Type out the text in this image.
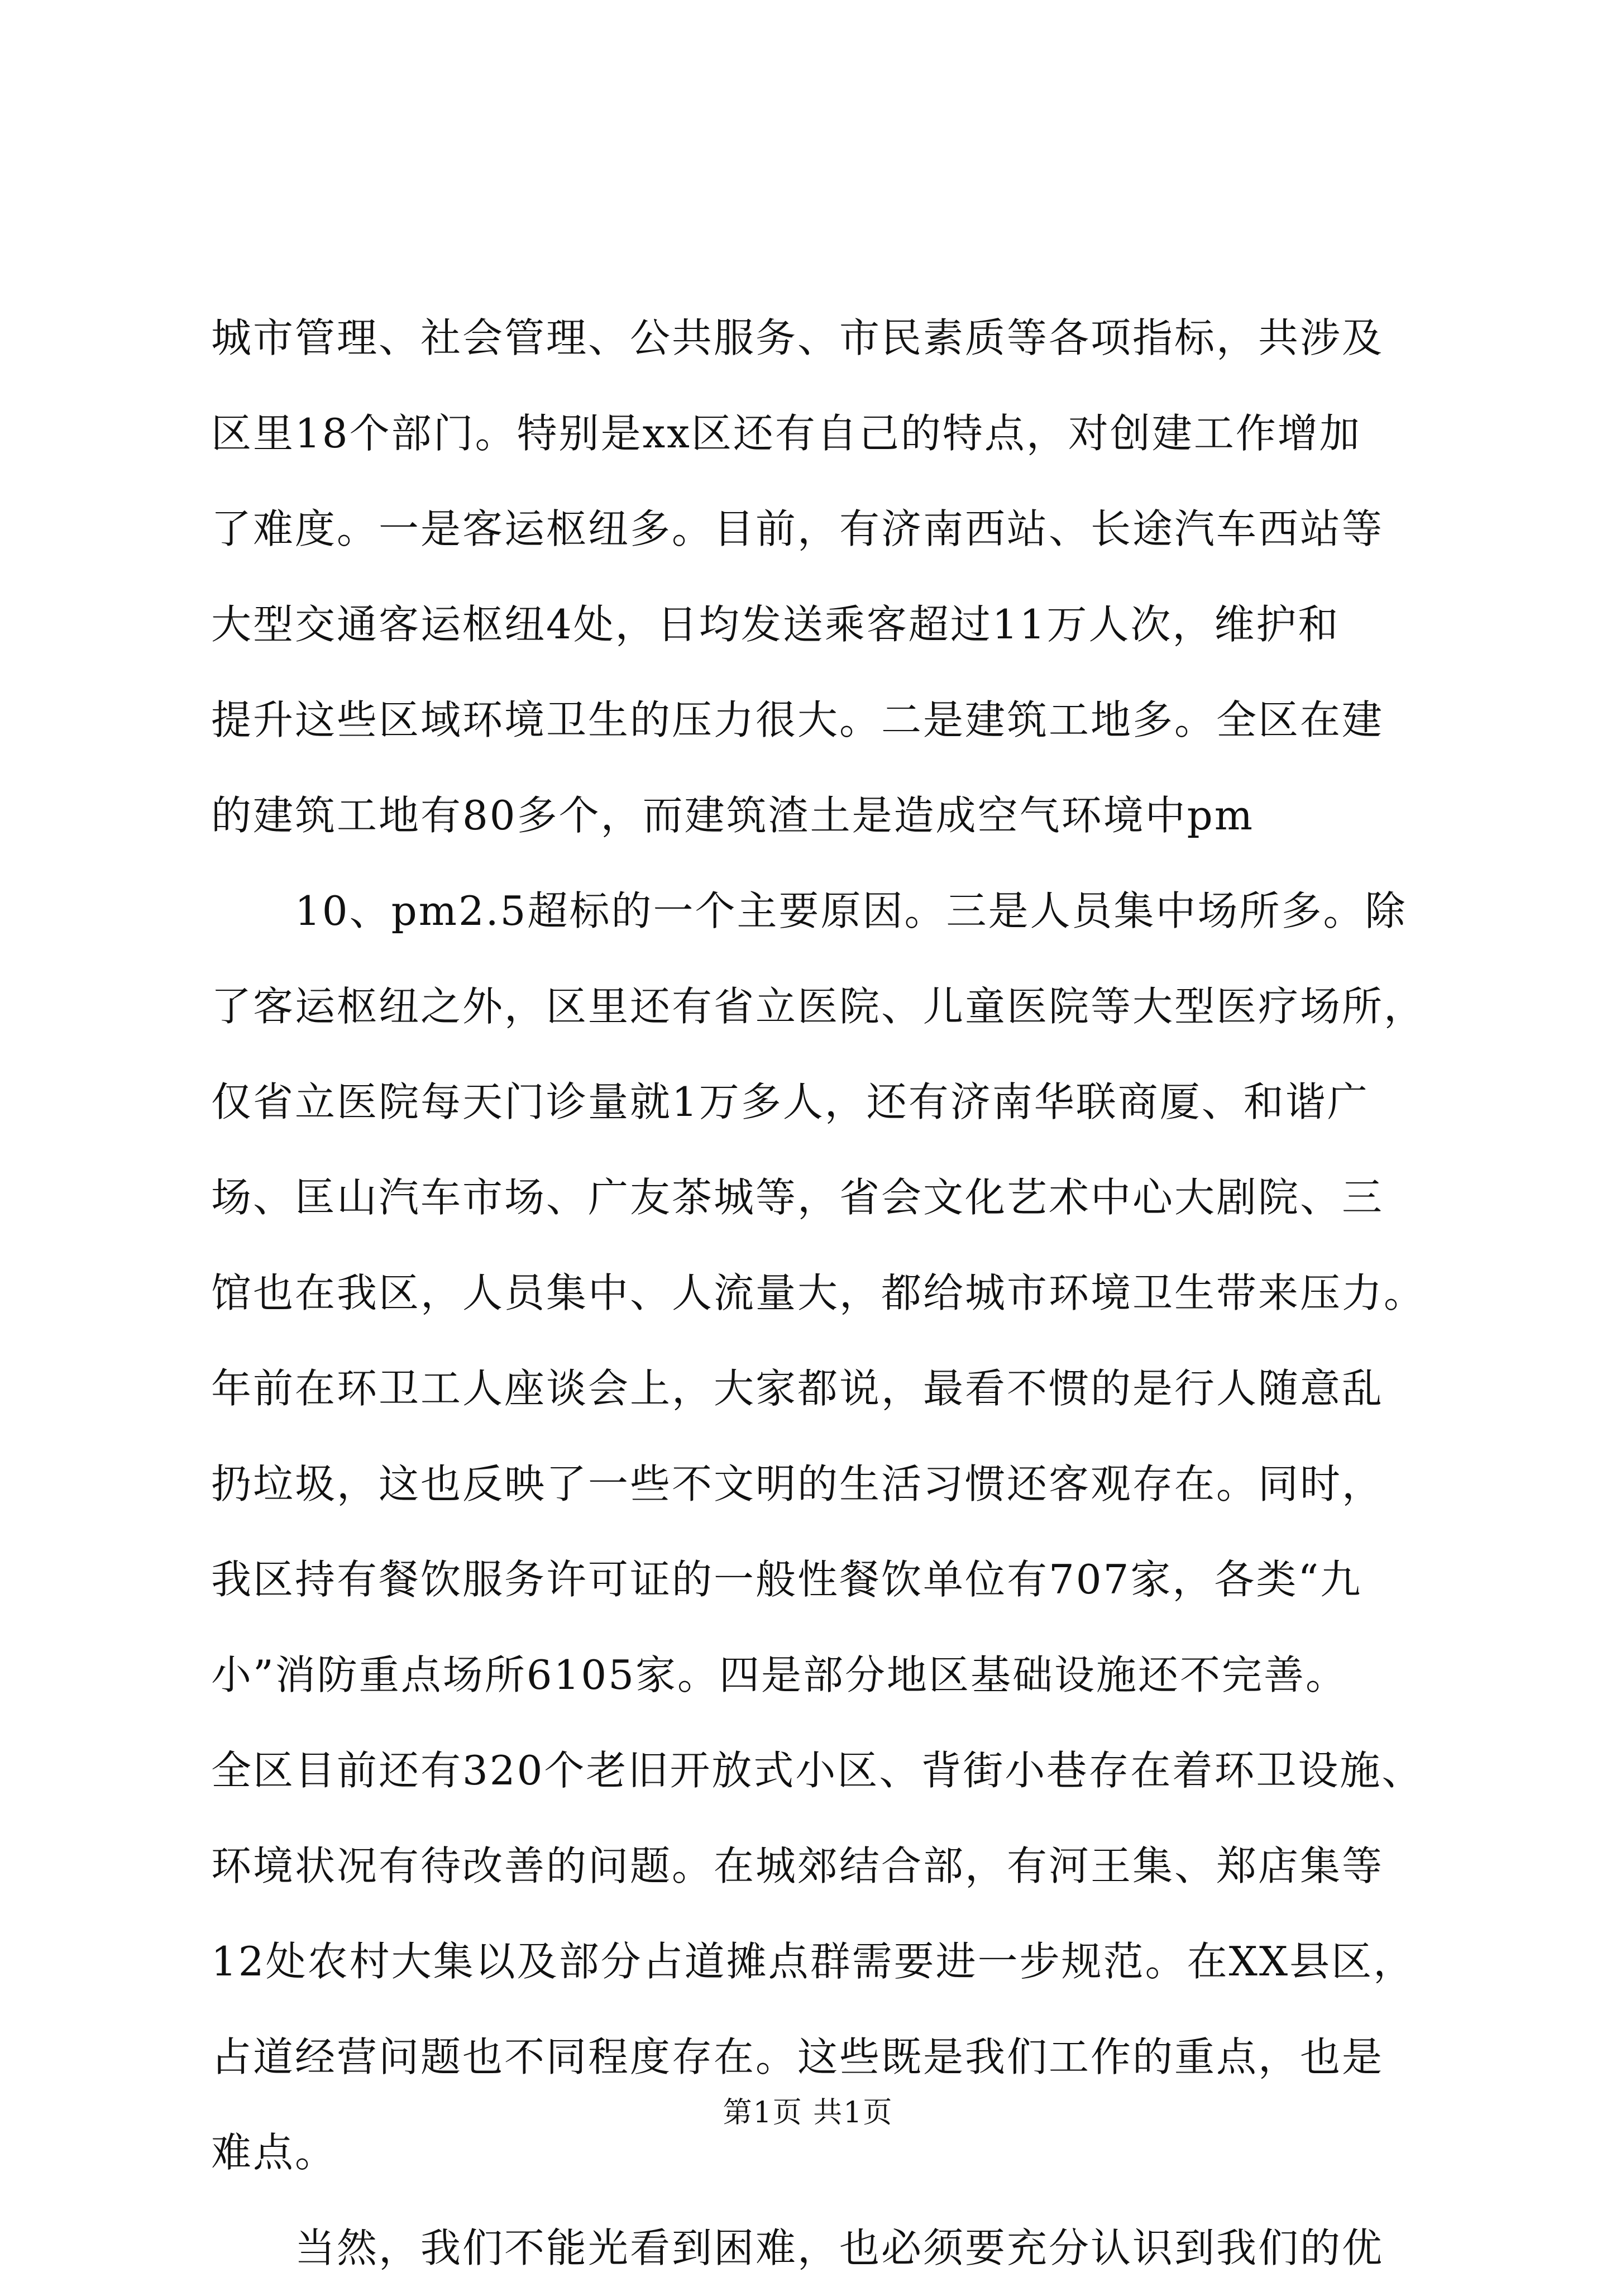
城市管理、社会管理、公共服务、市民素质等各项指标，共涉及
区里18个部门。特别是xx区还有自己的特点，对创建工作增加
了难度。一是客运枢纽多。目前，有济南西站、长途汽车西站等
大型交通客运枢纽4处，日均发送乘客超过11万人次，维护和
提升这些区域环境卫生的压力很大。二是建筑工地多。全区在建
的建筑工地有80多个，而建筑渣土是造成空气环境中pm
10、pm2.5超标的一个主要原因。三是人员集中场所多。除
了客运枢纽之外，区里还有省立医院、儿童医院等大型医疗场所，
仅省立医院每天门诊量就1万多人，还有济南华联商厦、和谐广
场、匡山汽车市场、广友茶城等，省会文化艺术中心大剧院、三
馆也在我区，人员集中、人流量大，都给城市环境卫生带来压力。
年前在环卫工人座谈会上，大家都说，最看不惯的是行人随意乱
扔垃圾，这也反映了一些不文明的生活习惯还客观存在。同时，
我区持有餐饮服务许可证的一般性餐饮单位有707家，各类“九
小”消防重点场所6105家。四是部分地区基础设施还不完善。
全区目前还有320个老旧开放式小区、背街小巷存在着环卫设施、
环境状况有待改善的问题。在城郊结合部，有河王集、郑店集等
12处农村大集以及部分占道摊点群需要进一步规范。在XX县区，
占道经营问题也不同程度存在。这些既是我们工作的重点，也是
难点。
当然，我们不能光看到困难，也必须要充分认识到我们的优
第1页 共1页
